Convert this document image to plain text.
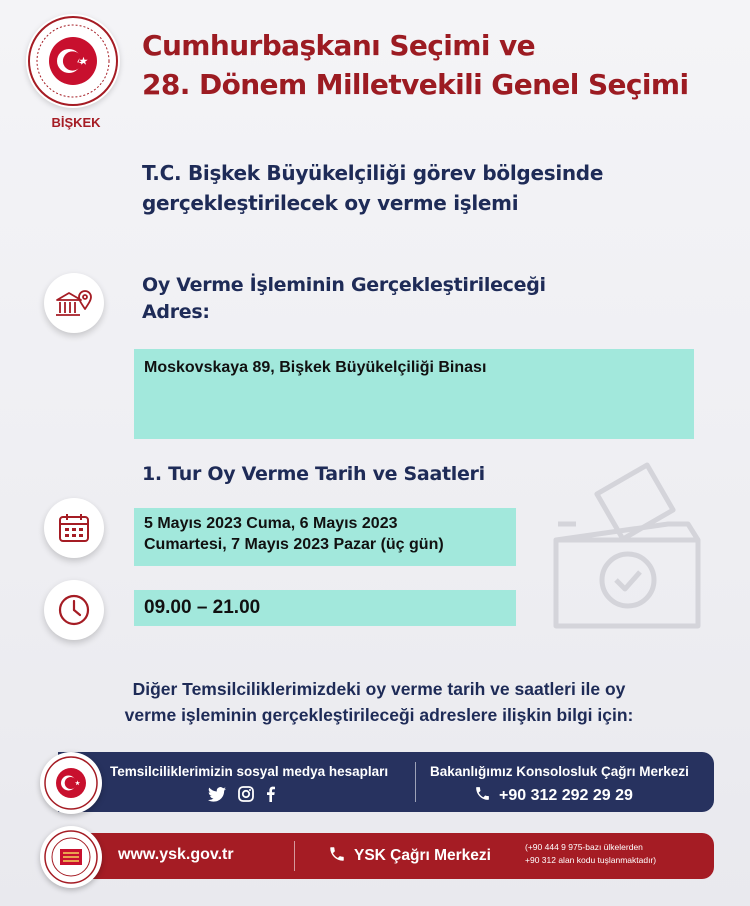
BİŞKEK
Cumhurbaşkanı Seçimi ve
28. Dönem Milletvekili Genel Seçimi
T.C. Bişkek Büyükelçiliği görev bölgesinde
gerçekleştirilecek oy verme işlemi
Oy Verme İşleminin Gerçekleştirileceği
Adres:
Moskovskaya 89, Bişkek Büyükelçiliği Binası
1. Tur Oy Verme Tarih ve Saatleri
5 Mayıs 2023 Cuma, 6 Mayıs 2023
Cumartesi, 7 Mayıs 2023 Pazar (üç gün)
09.00 – 21.00
Diğer Temsilciliklerimizdeki oy verme tarih ve saatleri ile oy
verme işleminin gerçekleştirileceği adreslere ilişkin bilgi için:
Temsilciliklerimizin sosyal medya hesapları	Bakanlığımız Konsolosluk Çağrı Merkezi
+90 312 292 29 29
www.ysk.gov.tr	YSK Çağrı Merkezi	(+90 444 9 975-bazı ülkelerden
+90 312 alan kodu tuşlanmaktadır)
